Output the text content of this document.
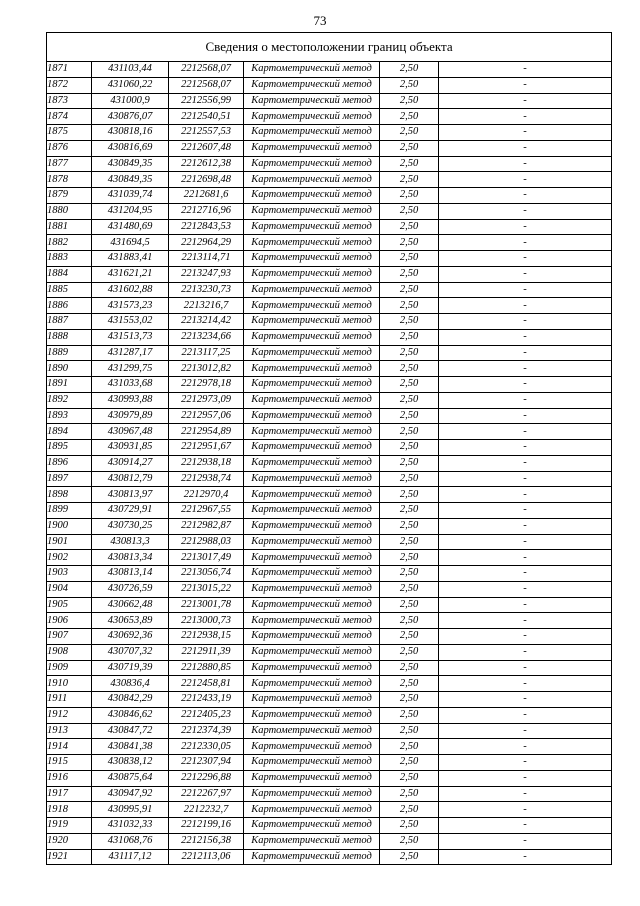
73
Сведения о местоположении границ объекта					
1871	431103,44	2212568,07	Картометрический метод	2,50	-
1872	431060,22	2212568,07	Картометрический метод	2,50	-
1873	431000,9	2212556,99	Картометрический метод	2,50	-
1874	430876,07	2212540,51	Картометрический метод	2,50	-
1875	430818,16	2212557,53	Картометрический метод	2,50	-
1876	430816,69	2212607,48	Картометрический метод	2,50	-
1877	430849,35	2212612,38	Картометрический метод	2,50	-
1878	430849,35	2212698,48	Картометрический метод	2,50	-
1879	431039,74	2212681,6	Картометрический метод	2,50	-
1880	431204,95	2212716,96	Картометрический метод	2,50	-
1881	431480,69	2212843,53	Картометрический метод	2,50	-
1882	431694,5	2212964,29	Картометрический метод	2,50	-
1883	431883,41	2213114,71	Картометрический метод	2,50	-
1884	431621,21	2213247,93	Картометрический метод	2,50	-
1885	431602,88	2213230,73	Картометрический метод	2,50	-
1886	431573,23	2213216,7	Картометрический метод	2,50	-
1887	431553,02	2213214,42	Картометрический метод	2,50	-
1888	431513,73	2213234,66	Картометрический метод	2,50	-
1889	431287,17	2213117,25	Картометрический метод	2,50	-
1890	431299,75	2213012,82	Картометрический метод	2,50	-
1891	431033,68	2212978,18	Картометрический метод	2,50	-
1892	430993,88	2212973,09	Картометрический метод	2,50	-
1893	430979,89	2212957,06	Картометрический метод	2,50	-
1894	430967,48	2212954,89	Картометрический метод	2,50	-
1895	430931,85	2212951,67	Картометрический метод	2,50	-
1896	430914,27	2212938,18	Картометрический метод	2,50	-
1897	430812,79	2212938,74	Картометрический метод	2,50	-
1898	430813,97	2212970,4	Картометрический метод	2,50	-
1899	430729,91	2212967,55	Картометрический метод	2,50	-
1900	430730,25	2212982,87	Картометрический метод	2,50	-
1901	430813,3	2212988,03	Картометрический метод	2,50	-
1902	430813,34	2213017,49	Картометрический метод	2,50	-
1903	430813,14	2213056,74	Картометрический метод	2,50	-
1904	430726,59	2213015,22	Картометрический метод	2,50	-
1905	430662,48	2213001,78	Картометрический метод	2,50	-
1906	430653,89	2213000,73	Картометрический метод	2,50	-
1907	430692,36	2212938,15	Картометрический метод	2,50	-
1908	430707,32	2212911,39	Картометрический метод	2,50	-
1909	430719,39	2212880,85	Картометрический метод	2,50	-
1910	430836,4	2212458,81	Картометрический метод	2,50	-
1911	430842,29	2212433,19	Картометрический метод	2,50	-
1912	430846,62	2212405,23	Картометрический метод	2,50	-
1913	430847,72	2212374,39	Картометрический метод	2,50	-
1914	430841,38	2212330,05	Картометрический метод	2,50	-
1915	430838,12	2212307,94	Картометрический метод	2,50	-
1916	430875,64	2212296,88	Картометрический метод	2,50	-
1917	430947,92	2212267,97	Картометрический метод	2,50	-
1918	430995,91	2212232,7	Картометрический метод	2,50	-
1919	431032,33	2212199,16	Картометрический метод	2,50	-
1920	431068,76	2212156,38	Картометрический метод	2,50	-
1921	431117,12	2212113,06	Картометрический метод	2,50	-
